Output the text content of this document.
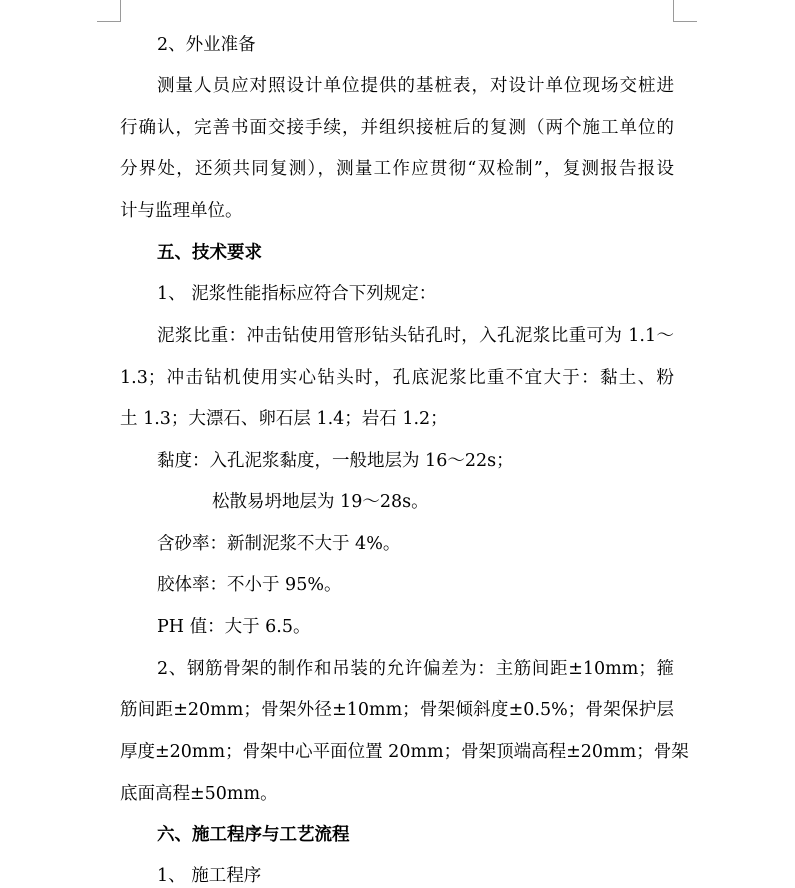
2、外业准备
测量人员应对照设计单位提供的基桩表，对设计单位现场交桩进
行确认，完善书面交接手续，并组织接桩后的复测（两个施工单位的
分界处，还须共同复测），测量工作应贯彻“双检制”，复测报告报设
计与监理单位。
五、技术要求
1、 泥浆性能指标应符合下列规定：
泥浆比重：冲击钻使用管形钻头钻孔时，入孔泥浆比重可为 1.1～
1.3；冲击钻机使用实心钻头时，孔底泥浆比重不宜大于：黏土、粉
土 1.3；大漂石、卵石层 1.4；岩石 1.2；
黏度：入孔泥浆黏度，一般地层为 16～22s；
松散易坍地层为 19～28s。
含砂率：新制泥浆不大于 4%。
胶体率：不小于 95%。
PH 值：大于 6.5。
2、钢筋骨架的制作和吊装的允许偏差为：主筋间距±10mm；箍
筋间距±20mm；骨架外径±10mm；骨架倾斜度±0.5%；骨架保护层
厚度±20mm；骨架中心平面位置 20mm；骨架顶端高程±20mm；骨架
底面高程±50mm。
六、施工程序与工艺流程
1、 施工程序
